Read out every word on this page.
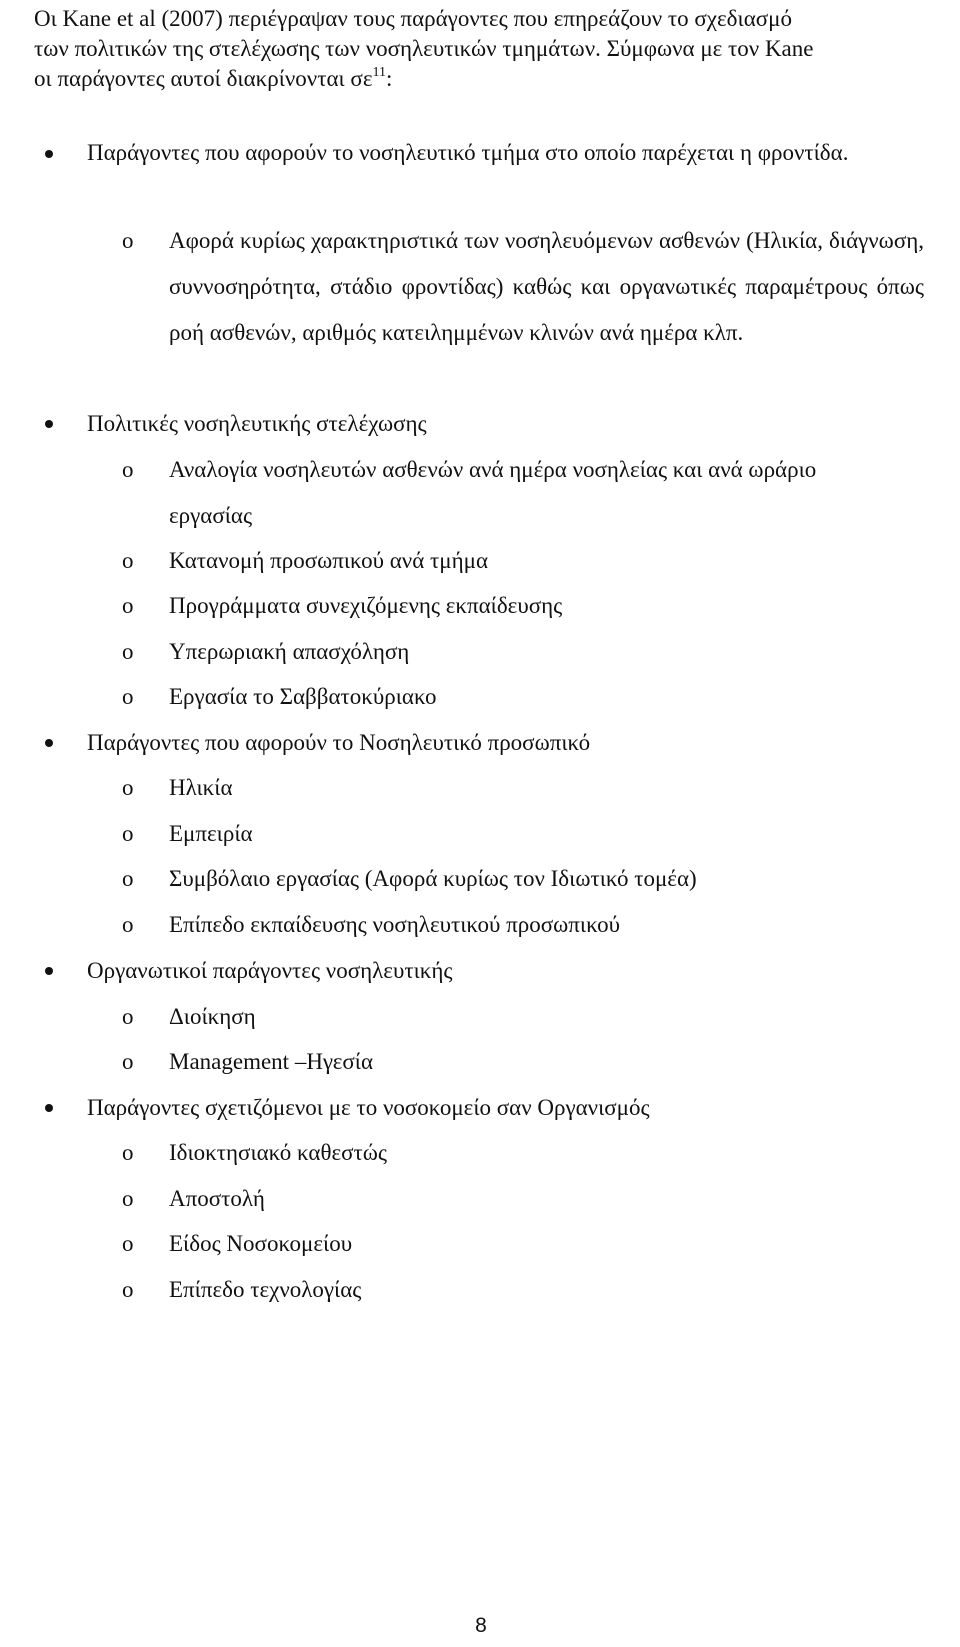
Οι Kane et al (2007) περιέγραψαν τους παράγοντες που επηρεάζουν το σχεδιασμό
των πολιτικών της στελέχωσης των νοσηλευτικών τμημάτων. Σύμφωνα με τον Kane
οι παράγοντες αυτοί διακρίνονται $\sigma\varepsilon^{11}$:
Παράγοντες που αφορούν το νοσηλευτικό τμήμα στο οποίο παρέχεται η φροντίδα.
o Αφορά κυρίως χαρακτηριστικά των νοσηλευόμενων ασθενών (Ηλικία, διάγνωση, συννοσηρότητα, στάδιο φροντίδας) καθώς και οργανωτικές παραμέτρους όπως ροή ασθενών, αριθμός κατειλημμένων κλινών ανά ημέρα κλπ.
Πολιτικές νοσηλευτικής στελέχωσης
o Αναλογία νοσηλευτών ασθενών ανά ημέρα νοσηλείας και ανά ωράριο εργασίας
o Κατανομή προσωπικού ανά τμήμα
o Προγράμματα συνεχιζόμενης εκπαίδευσης
o Υπερωριακή απασχόληση
o Εργασία το Σαββατοκύριακο
Παράγοντες που αφορούν το Νοσηλευτικό προσωπικό
o Ηλικία
o Εμπειρία
o Συμβόλαιο εργασίας (Αφορά κυρίως τον Ιδιωτικό τομέα)
o Επίπεδο εκπαίδευσης νοσηλευτικού προσωπικού
Οργανωτικοί παράγοντες νοσηλευτικής
o Διοίκηση
o Management –Ηγεσία
Παράγοντες σχετιζόμενοι με το νοσοκομείο σαν Οργανισμός
o Ιδιοκτησιακό καθεστώς
o Αποστολή
o Είδος Νοσοκομείου
o Επίπεδο τεχνολογίας
8
